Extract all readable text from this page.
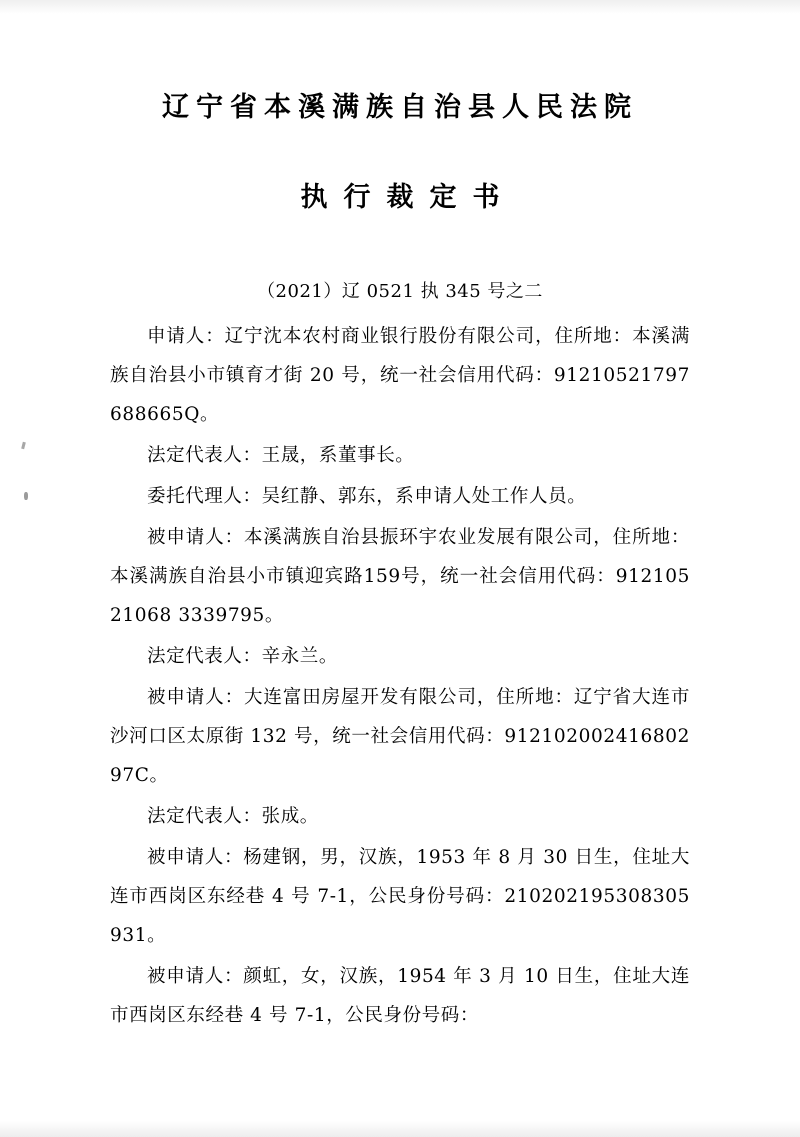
辽宁省本溪满族自治县人民法院
执行裁定书
（2021）辽 0521 执 345 号之二

申请人：辽宁沈本农村商业银行股份有限公司，住所地：本溪满族自治县小市镇育才街 20 号，统一社会信用代码：91210521797688665Q。

法定代表人：王晟，系董事长。

委托代理人：吴红静、郭东，系申请人处工作人员。

被申请人：本溪满族自治县振环宇农业发展有限公司，住所地：本溪满族自治县小市镇迎宾路159号，统一社会信用代码：91210521068 3339795。

法定代表人：辛永兰。

被申请人：大连富田房屋开发有限公司，住所地：辽宁省大连市沙河口区太原街 132 号，统一社会信用代码：91210200241680297C。

法定代表人：张成。

被申请人：杨建钢，男，汉族，1953 年 8 月 30 日生，住址大连市西岗区东经巷 4 号 7-1，公民身份号码：210202195308305931。

被申请人：颜虹，女，汉族，1954 年 3 月 10 日生，住址大连市西岗区东经巷 4 号 7-1，公民身份号码：
